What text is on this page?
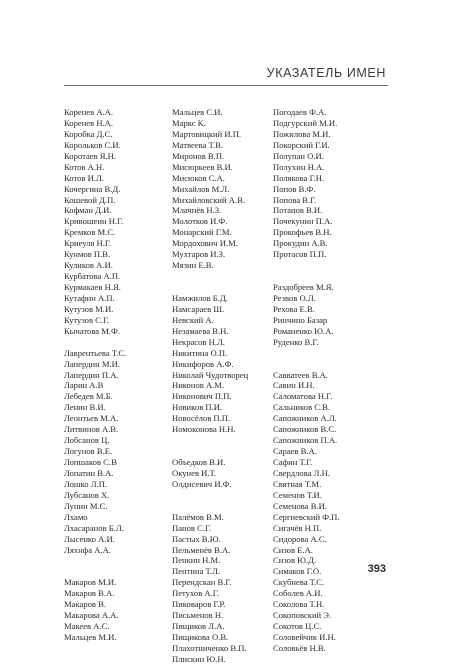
УКАЗАТЕЛЬ ИМЕН
Коренев А.А.
Коренев Н.А.
Коробка Д.С.
Корольков С.И.
Коротаев Я.Н.
Котов А.Н.
Котов И.Л.
Кочергина В.Д.
Кошевой Д.П.
Кофман Д.И.
Кривошеин Н.Г.
Кремков М.С.
Криеуля Н.Г.
Кунмов П.В.
Куликов А.И.
Курбатова А.П.
Курмакаев Н.Я.
Кутафин А.П.
Кутузов М.И.
Кутузов С.Г.
Кычатова М.Ф.
Лаврентьева Т.С.
Лапердин М.И.
Лапердин П.А.
Ларин А.В
Лебедев М.Б.
Ленин В.И.
Леонтьев М.А.
Литвинов А.В.
Лобсанов Ц.
Логунов В.Е.
Лопшаков С.В
Лопатин В.А.
Лошко Л.П.
Лубсанов Х.
Лунин М.С.
Лхамо
Лхасаранов Б.Л.
Лысенко А.И.
Ляхнфа А.А.
Макаров М.И.
Макаров В.А.
Макаров В.
Макарова А.А.
Макеев А.С.
Мальцев М.И.
Мальцев С.И.
Маркс К.
Мартовицкий И.П.
Матвеева Т.В.
Миронов В.П.
Мисюркеев В.И.
Мисюков С.А.
Михайлов М.Л.
Михайловский А.В.
Млачнёв Н.З.
Молотков И.Ф.
Монарский Г.М.
Мордохович И.М.
Мухтаров И.З.
Мязин Е.В.
Намжилов Б.Д.
Намсараев Ш.
Невский А.
Незамаева В.Н.
Некрасов Н.Л.
Никитина О.П.
Никифоров А.Ф.
Николай Чудотворец
Никонов А.М.
Никонович П.П.
Новиков П.И.
Новосёлов П.П.
Номоконова Н.Н.
Объедков В.И.
Окунев И.Т.
Олдисевич И.Ф.
Палёмов В.М.
Панов С.Г.
Пастых В.Ю.
Пельменёв В.А.
Пенкин Н.М.
Пентина Т.Л.
Перендскан В.Г.
Петухов А.Г.
Пиковаров Г.Р.
Письменов Н.
Пищиков Л.А.
Пищикова О.В.
Плахотниченко В.П.
Плискин Ю.Н.
Погодаев Ф.А.
Подгурский М.И.
Пожилова М.И.
Покорский Г.И.
Полупан О.И.
Полухин Н.А.
Полякова Г.Н.
Попов В.Ф.
Попова В.Г.
Потапов В.И.
Почекунин П.А.
Прокофьев В.Н.
Прокудин А.В.
Протасов П.П.
Раздобреев М.Я.
Резвов О.Л.
Рехова Е.В.
Ринчино Базар
Романенко Ю.А.
Руденко В.Г.
Савватеев В.А.
Савин И.Н.
Саломатова Н.Г.
Сальников С.В.
Сапожников А.Л.
Сапожников В.С.
Сапожников П.А.
Сараев В.А.
Сафин Т.Г.
Свердлова Л.Н.
Святная Т.М.
Семенов Т.И.
Семенова В.И.
Сергиевский Ф.П.
Сигачёв Н.П.
Сидорова А.С.
Сизов Е.А.
Сизов Ю.Д.
Симаков Г.О.
Скубнева Т.С.
Соболев А.И.
Соколова Т.Н.
Сокоповский Э.
Сокотов Ц.С.
Соловейчик И.Н.
Соловьёв Н.В.
393
